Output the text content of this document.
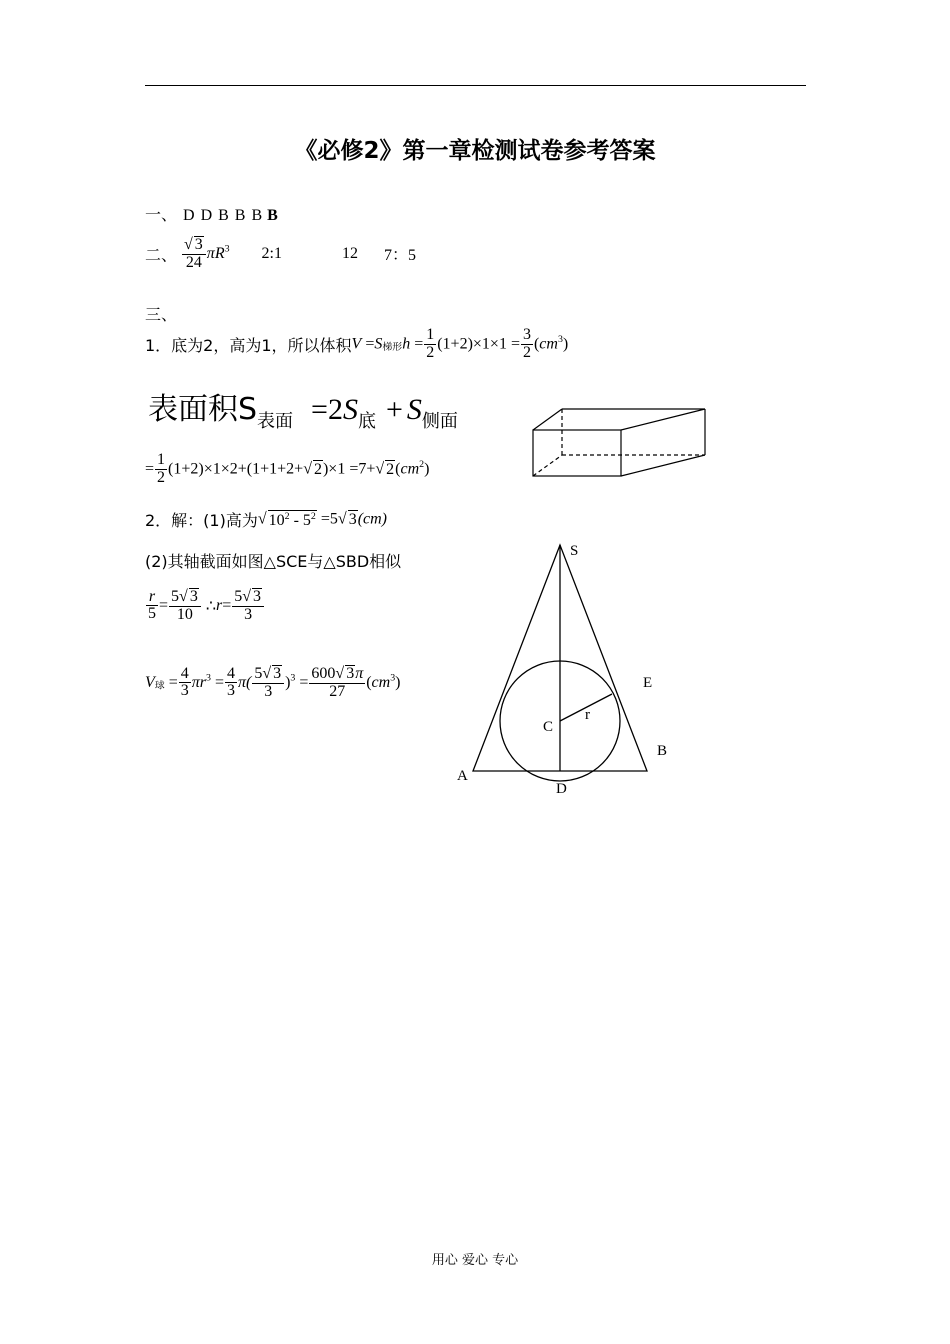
《必修2》第一章检测试卷参考答案
一、 D D B B B B
二、 $\frac{√ 3}{24} \pi R^3$ 2:1	12 7：5
三、
1．底为2，高为1，所以体积$V =S_{梯形}h = \frac{1}{2} (1+2)\times 1\times 1 = \frac{3}{2} (cm^3)$
表面积S表面 =2S底 + S侧面
= $\frac{1}{2} (1+2)\times 1\times 2+(1+1+2+√$ 2)×1 =7+√ $2(cm^2)$
2．解：(1)高为√ $10^2 - 5^2 =5√$ 3(cm)
(2)其轴截面如图△SCE与△SBD相似
$\frac{r}{5} = \frac{5√ 3}{10}$ ∴r= $\frac{5√ 3}{3}$
$V_球 = \frac{4}{3} \pi r^3 = \frac{4}{3} \pi( \frac{5√ 3}{3} )^3 = \frac{600√ 3\pi}{27} (cm^3)$
S
E
B
A
D
C
r
用心 爱心 专心
